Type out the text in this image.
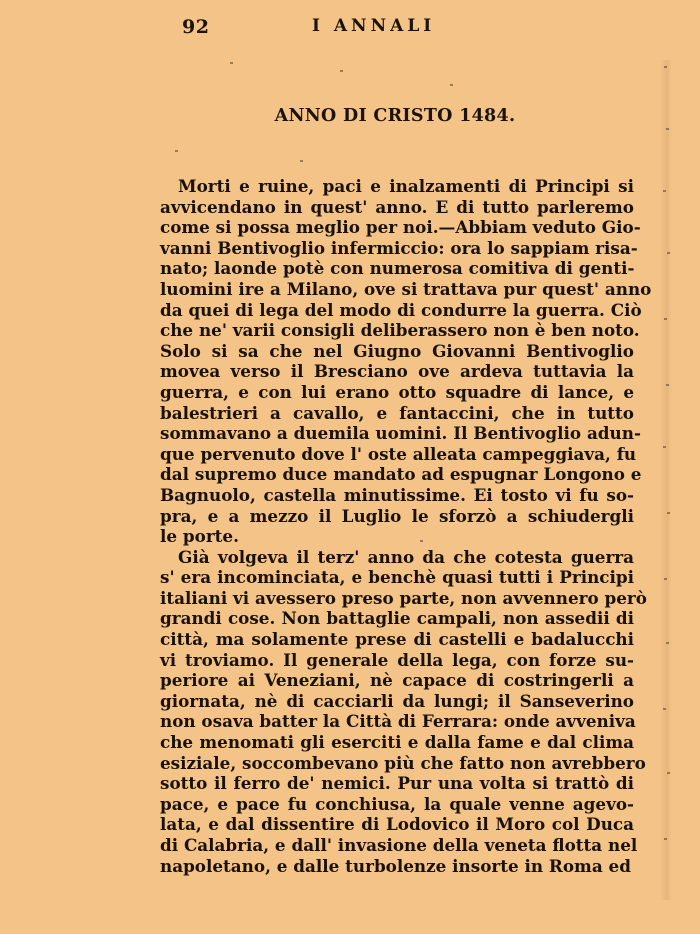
92	I ANNALI
ANNO DI CRISTO 1484.
Morti e ruine, paci e inalzamenti di Principi si
avvicendano in quest' anno. E di tutto parleremo
come si possa meglio per noi.—Abbiam veduto Gio-
vanni Bentivoglio infermiccio: ora lo sappiam risa-
nato; laonde potè con numerosa comitiva di genti-
luomini ire a Milano, ove si trattava pur quest' anno
da quei di lega del modo di condurre la guerra. Ciò
che ne' varii consigli deliberassero non è ben noto.
Solo si sa che nel Giugno Giovanni Bentivoglio
movea verso il Bresciano ove ardeva tuttavia la
guerra, e con lui erano otto squadre di lance, e
balestrieri a cavallo, e fantaccini, che in tutto
sommavano a duemila uomini. Il Bentivoglio adun-
que pervenuto dove l' oste alleata campeggiava, fu
dal supremo duce mandato ad espugnar Longono e
Bagnuolo, castella minutissime. Ei tosto vi fu so-
pra, e a mezzo il Luglio le sforzò a schiudergli
le porte.
Già volgeva il terz' anno da che cotesta guerra
s' era incominciata, e benchè quasi tutti i Principi
italiani vi avessero preso parte, non avvennero però
grandi cose. Non battaglie campali, non assedii di
città, ma solamente prese di castelli e badalucchi
vi troviamo. Il generale della lega, con forze su-
periore ai Veneziani, nè capace di costringerli a
giornata, nè di cacciarli da lungi; il Sanseverino
non osava batter la Città di Ferrara: onde avveniva
che menomati gli eserciti e dalla fame e dal clima
esiziale, soccombevano più che fatto non avrebbero
sotto il ferro de' nemici. Pur una volta si trattò di
pace, e pace fu conchiusa, la quale venne agevo-
lata, e dal dissentire di Lodovico il Moro col Duca
di Calabria, e dall' invasione della veneta flotta nel
napoletano, e dalle turbolenze insorte in Roma ed
